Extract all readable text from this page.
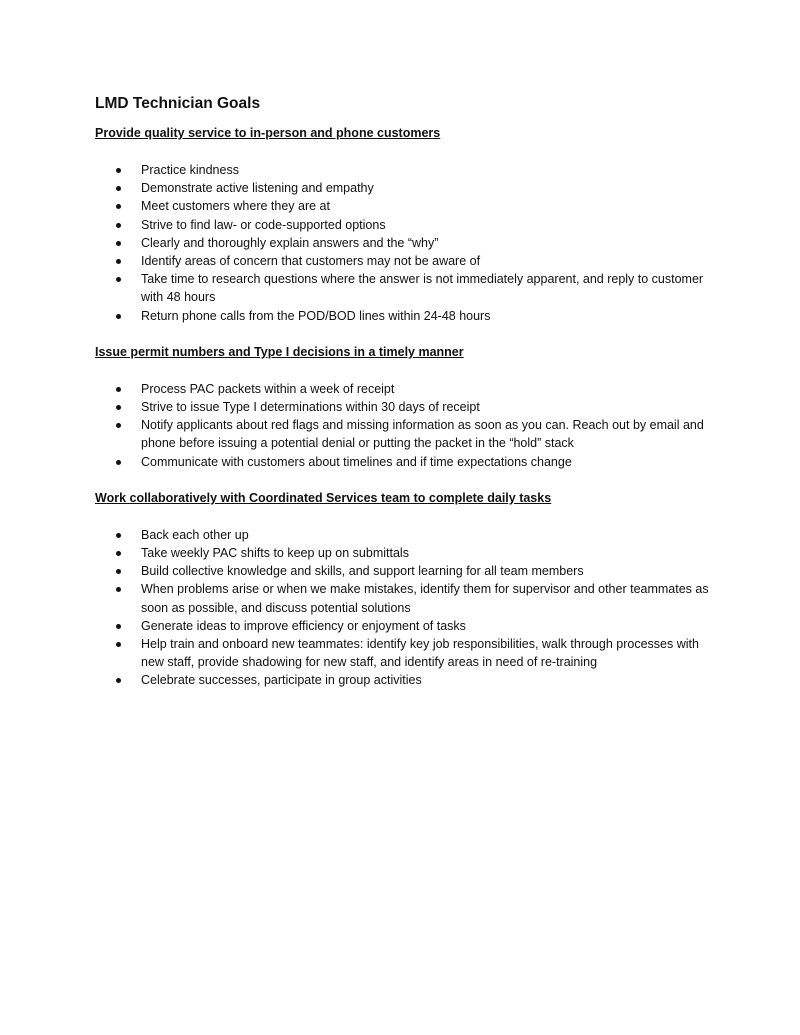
LMD Technician Goals
Provide quality service to in-person and phone customers
Practice kindness
Demonstrate active listening and empathy
Meet customers where they are at
Strive to find law- or code-supported options
Clearly and thoroughly explain answers and the “why”
Identify areas of concern that customers may not be aware of
Take time to research questions where the answer is not immediately apparent, and reply to customer with 48 hours
Return phone calls from the POD/BOD lines within 24-48 hours
Issue permit numbers and Type I decisions in a timely manner
Process PAC packets within a week of receipt
Strive to issue Type I determinations within 30 days of receipt
Notify applicants about red flags and missing information as soon as you can. Reach out by email and phone before issuing a potential denial or putting the packet in the “hold” stack
Communicate with customers about timelines and if time expectations change
Work collaboratively with Coordinated Services team to complete daily tasks
Back each other up
Take weekly PAC shifts to keep up on submittals
Build collective knowledge and skills, and support learning for all team members
When problems arise or when we make mistakes, identify them for supervisor and other teammates as soon as possible, and discuss potential solutions
Generate ideas to improve efficiency or enjoyment of tasks
Help train and onboard new teammates: identify key job responsibilities, walk through processes with new staff, provide shadowing for new staff, and identify areas in need of re-training
Celebrate successes, participate in group activities
